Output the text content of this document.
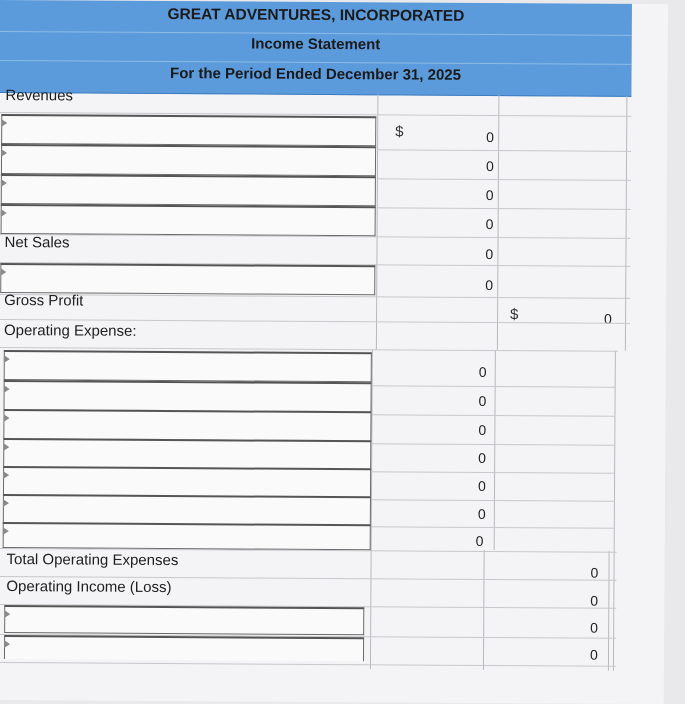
GREAT ADVENTURES, INCORPORATED
Income Statement
For the Period Ended December 31, 2025
Revenues
$	0
0
0
0
Net Sales
0
0
Gross Profit
$	0
Operating Expense:
0
0
0
0
0
0
0
Total Operating Expenses
0
Operating Income (Loss)
0
0
0
